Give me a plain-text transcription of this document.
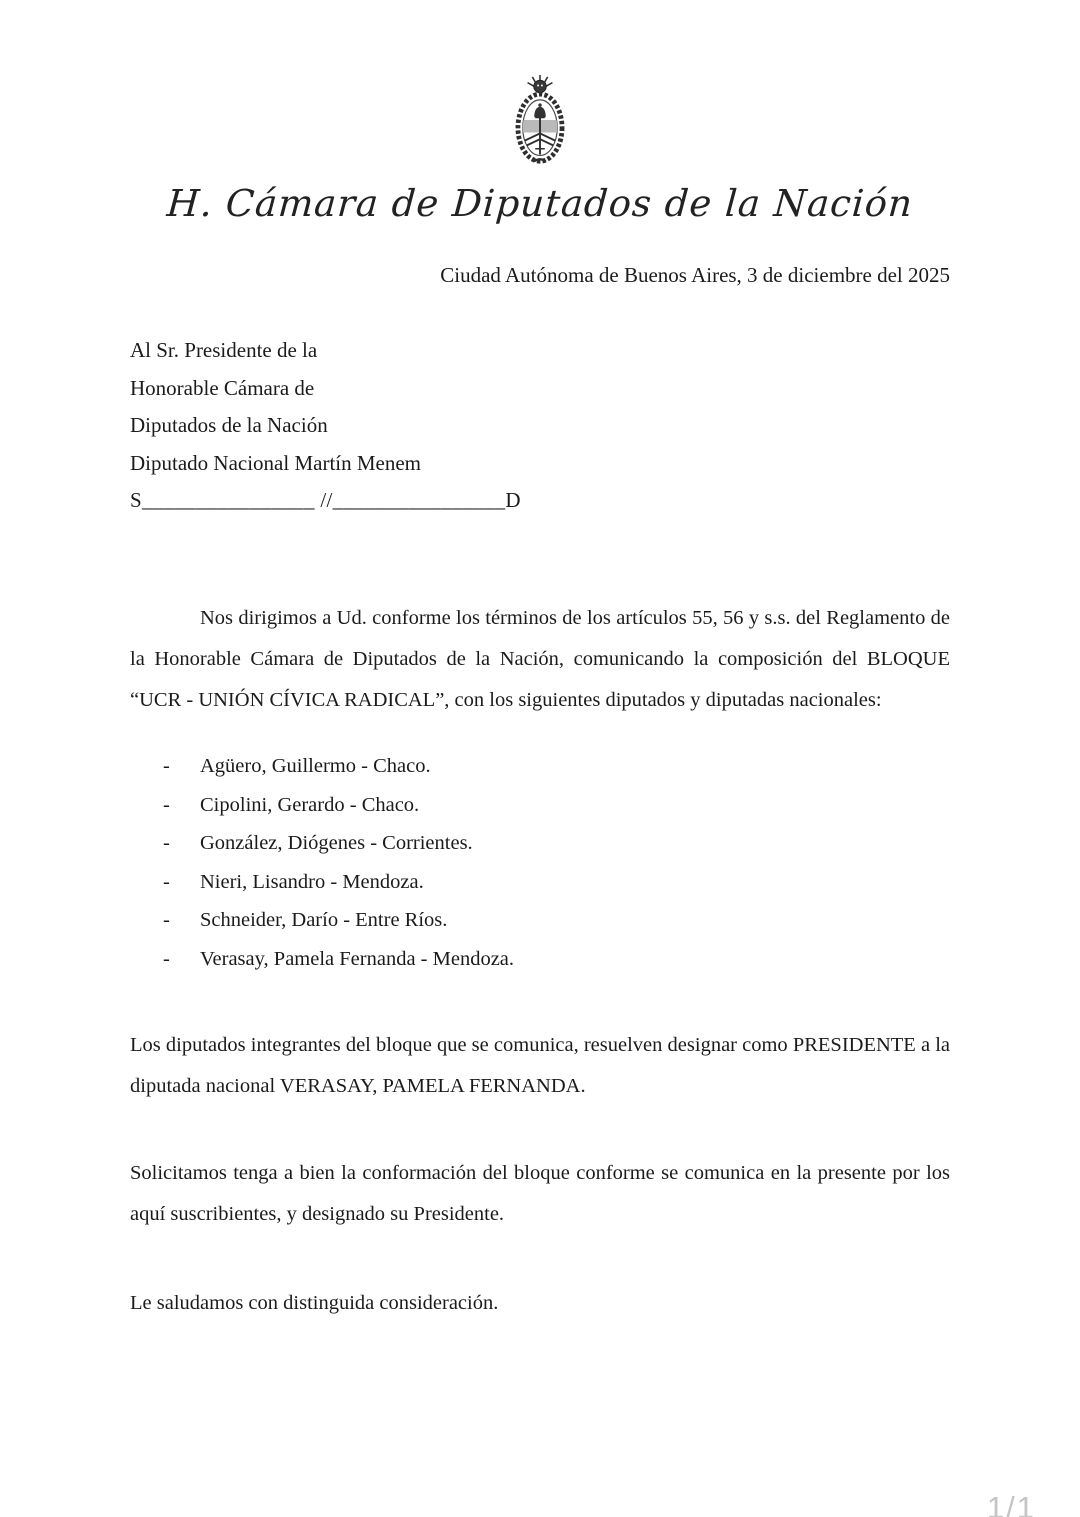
H. Cámara de Diputados de la Nación
Ciudad Autónoma de Buenos Aires, 3 de diciembre del 2025
Al Sr. Presidente de la
Honorable Cámara de
Diputados de la Nación
Diputado Nacional Martín Menem
S________________ //________________D

Nos dirigimos a Ud. conforme los términos de los artículos 55, 56 y s.s. del Reglamento de la Honorable Cámara de Diputados de la Nación, comunicando la composición del BLOQUE “UCR - UNIÓN CÍVICA RADICAL”, con los siguientes diputados y diputadas nacionales:

-	Agüero, Guillermo - Chaco.
-	Cipolini, Gerardo - Chaco.
-	González, Diógenes - Corrientes.
-	Nieri, Lisandro - Mendoza.
-	Schneider, Darío - Entre Ríos.
-	Verasay, Pamela Fernanda - Mendoza.

Los diputados integrantes del bloque que se comunica, resuelven designar como PRESIDENTE a la diputada nacional VERASAY, PAMELA FERNANDA.

Solicitamos tenga a bien la conformación del bloque conforme se comunica en la presente por los aquí suscribientes, y designado su Presidente.

Le saludamos con distinguida consideración.

1/1
